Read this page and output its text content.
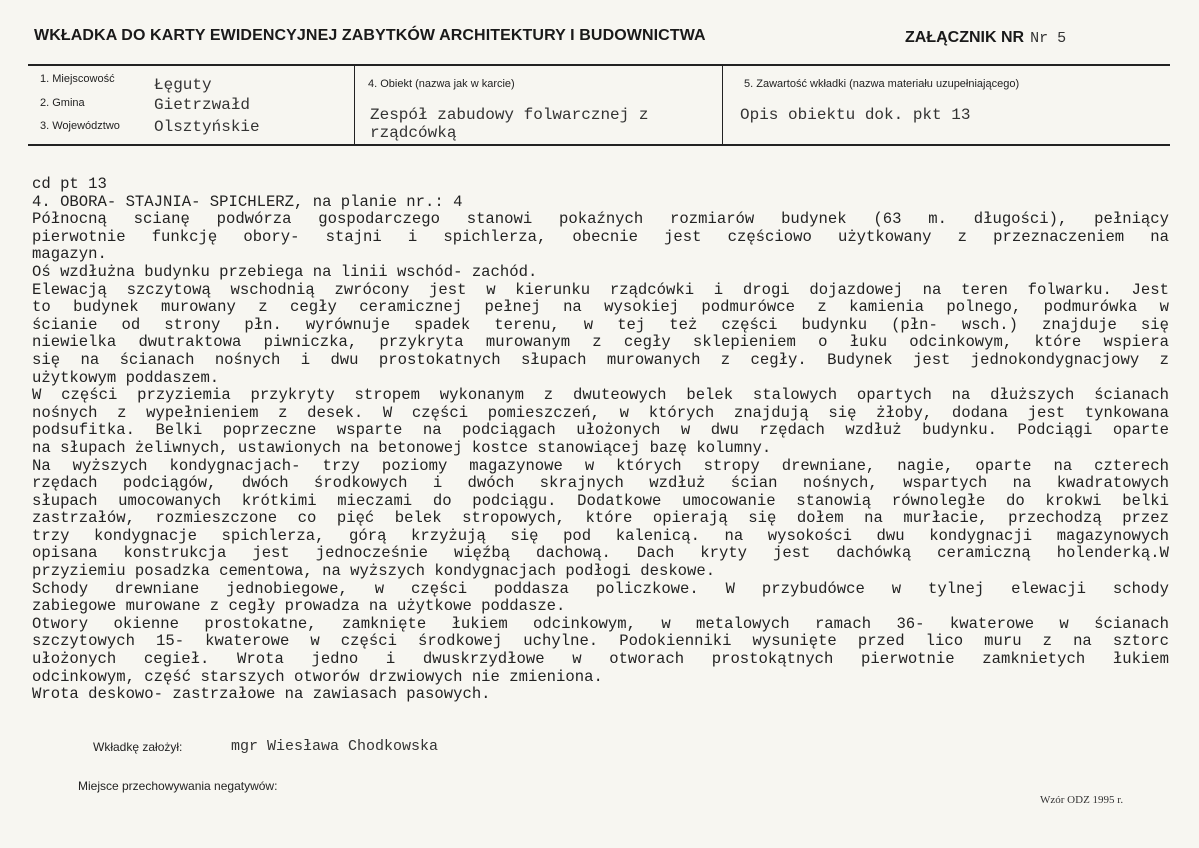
WKŁADKA DO KARTY EWIDENCYJNEJ ZABYTKÓW ARCHITEKTURY I BUDOWNICTWA	ZAŁĄCZNIK NR Nr 5
1. Miejscowość Łęguty
2. Gmina	Gietrzwałd
3. Województwo Olsztyńskie
4. Obiekt (nazwa jak w karcie)
Zespół zabudowy folwarcznej z
rządcówką
5. Zawartość wkładki (nazwa materiału uzupełniającego)
Opis obiektu dok. pkt 13
cd pt 13
4. OBORA- STAJNIA- SPICHLERZ, na planie nr.: 4
Północną scianę podwórza gospodarczego stanowi pokaźnych rozmiarów budynek (63 m. długości), pełniący
pierwotnie funkcję obory- stajni i spichlerza, obecnie jest częściowo użytkowany z przeznaczeniem na
magazyn.
Oś wzdłużna budynku przebiega na linii wschód- zachód.
Elewacją szczytową wschodnią zwrócony jest w kierunku rządcówki i drogi dojazdowej na teren folwarku. Jest
to budynek murowany z cegły ceramicznej pełnej na wysokiej podmurówce z kamienia polnego, podmurówka w
ścianie od strony płn. wyrównuje spadek terenu, w tej też części budynku (płn- wsch.) znajduje się
niewielka dwutraktowa piwniczka, przykryta murowanym z cegły sklepieniem o łuku odcinkowym, które wspiera
się na ścianach nośnych i dwu prostokatnych słupach murowanych z cegły. Budynek jest jednokondygnacjowy z
użytkowym poddaszem.
W części przyziemia przykryty stropem wykonanym z dwuteowych belek stalowych opartych na dłuższych ścianach
nośnych z wypełnieniem z desek. W części pomieszczeń, w których znajdują się żłoby, dodana jest tynkowana
podsufitka. Belki poprzeczne wsparte na podciągach ułożonych w dwu rzędach wzdłuż budynku. Podciągi oparte
na słupach żeliwnych, ustawionych na betonowej kostce stanowiącej bazę kolumny.
Na wyższych kondygnacjach- trzy poziomy magazynowe w których stropy drewniane, nagie, oparte na czterech
rzędach podciągów, dwóch środkowych i dwóch skrajnych wzdłuż ścian nośnych, wspartych na kwadratowych
słupach umocowanych krótkimi mieczami do podciągu. Dodatkowe umocowanie stanowią równoległe do krokwi belki
zastrzałów, rozmieszczone co pięć belek stropowych, które opierają się dołem na murłacie, przechodzą przez
trzy kondygnacje spichlerza, górą krzyżują się pod kalenicą. na wysokości dwu kondygnacji magazynowych
opisana konstrukcja jest jednocześnie więźbą dachową. Dach kryty jest dachówką ceramiczną holenderką.W
przyziemiu posadzka cementowa, na wyższych kondygnacjach podłogi deskowe.
Schody drewniane jednobiegowe, w części poddasza policzkowe. W przybudówce w tylnej elewacji schody
zabiegowe murowane z cegły prowadza na użytkowe poddasze.
Otwory okienne prostokatne, zamknięte łukiem odcinkowym, w metalowych ramach 36- kwaterowe w ścianach
szczytowych 15- kwaterowe w części środkowej uchylne. Podokienniki wysunięte przed lico muru z na sztorc
ułożonych cegieł. Wrota jedno i dwuskrzydłowe w otworach prostokątnych pierwotnie zamknietych łukiem
odcinkowym, część starszych otworów drzwiowych nie zmieniona.
Wrota deskowo- zastrzałowe na zawiasach pasowych.
Wkładkę założył:	mgr Wiesława Chodkowska
Miejsce przechowywania negatywów:
Wzór ODZ 1995 r.
